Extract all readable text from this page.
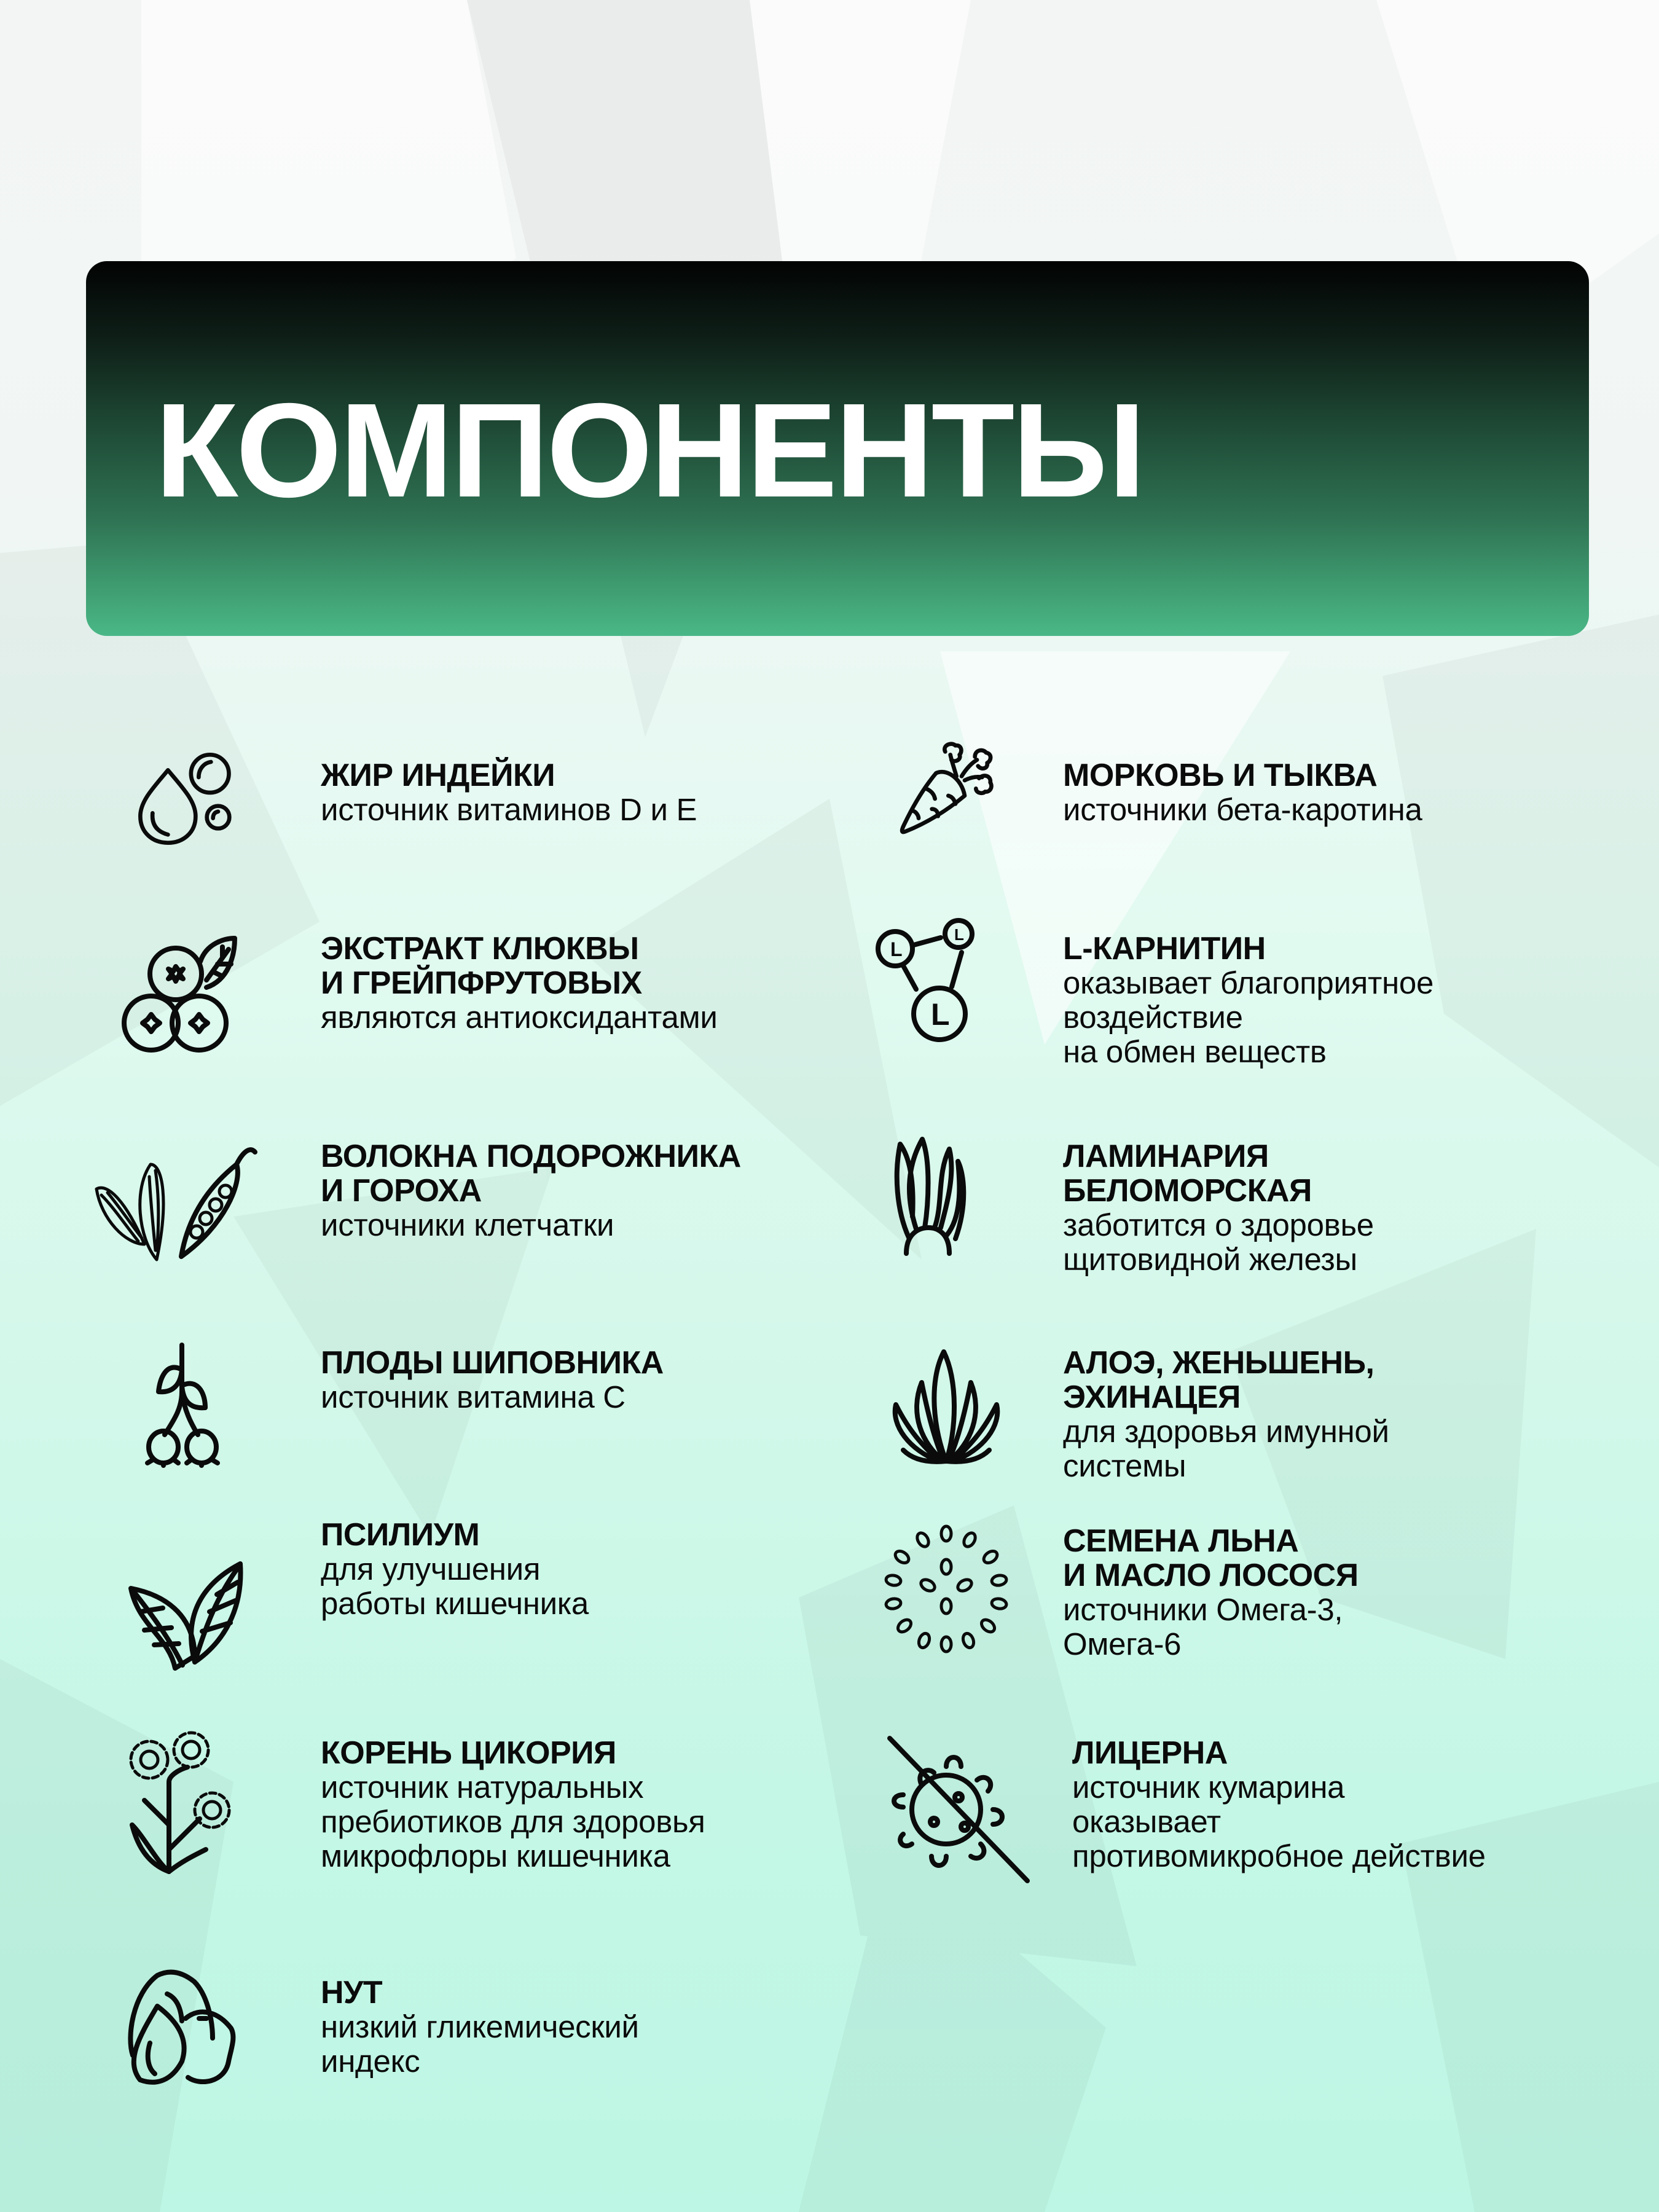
КОМПОНЕНТЫ
ЖИР ИНДЕЙКИ
источник витаминов D и E
ЭКСТРАКТ КЛЮКВЫ
И ГРЕЙПФРУТОВЫХ
являются антиоксидантами
ВОЛОКНА ПОДОРОЖНИКА
И ГОРОХА
источники клетчатки
ПЛОДЫ ШИПОВНИКА
источник витамина С
ПСИЛИУМ
для улучшения
работы кишечника
КОРЕНЬ ЦИКОРИЯ
источник натуральных
пребиотиков для здоровья
микрофлоры кишечника
НУТ
низкий гликемический
индекс
МОРКОВЬ И ТЫКВА
источники бета-каротина
L
L
L
L-КАРНИТИН
оказывает благоприятное
воздействие
на обмен веществ
ЛАМИНАРИЯ
БЕЛОМОРСКАЯ
заботится о здоровье
щитовидной железы
АЛОЭ, ЖЕНЬШЕНЬ,
ЭХИНАЦЕЯ
для здоровья имунной
системы
СЕМЕНА ЛЬНА
И МАСЛО ЛОСОСЯ
источники Омега-3,
Омега-6
ЛИЦЕРНА
источник кумарина
оказывает
противомикробное действие
